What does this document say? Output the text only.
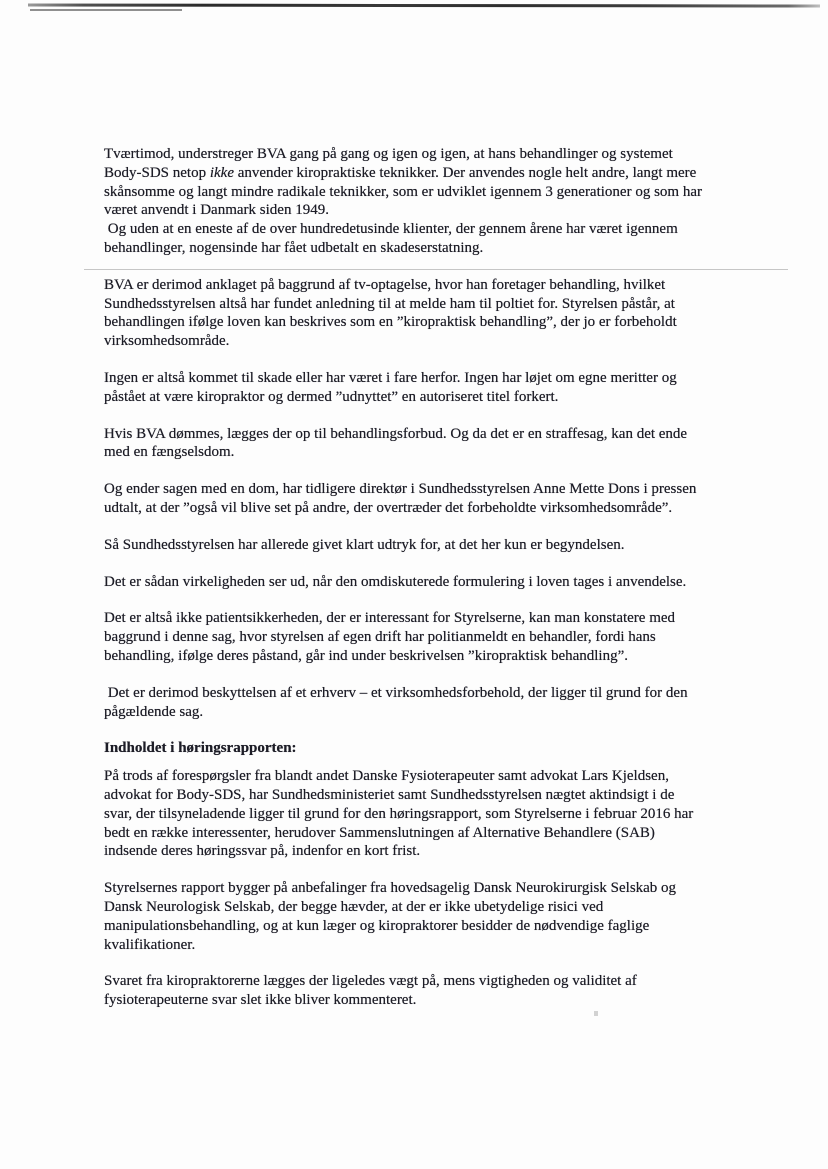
Tværtimod, understreger BVA gang på gang og igen og igen, at hans behandlinger og systemet
Body-SDS netop ikke anvender kiropraktiske teknikker. Der anvendes nogle helt andre, langt mere
skånsomme og langt mindre radikale teknikker, som er udviklet igennem 3 generationer og som har
været anvendt i Danmark siden 1949.
Og uden at en eneste af de over hundredetusinde klienter, der gennem årene har været igennem
behandlinger, nogensinde har fået udbetalt en skadeserstatning.
BVA er derimod anklaget på baggrund af tv-optagelse, hvor han foretager behandling, hvilket
Sundhedsstyrelsen altså har fundet anledning til at melde ham til poltiet for. Styrelsen påstår, at
behandlingen ifølge loven kan beskrives som en ”kiropraktisk behandling”, der jo er forbeholdt
virksomhedsområde.
Ingen er altså kommet til skade eller har været i fare herfor. Ingen har løjet om egne meritter og
påstået at være kiropraktor og dermed ”udnyttet” en autoriseret titel forkert.
Hvis BVA dømmes, lægges der op til behandlingsforbud. Og da det er en straffesag, kan det ende
med en fængselsdom.
Og ender sagen med en dom, har tidligere direktør i Sundhedsstyrelsen Anne Mette Dons i pressen
udtalt, at der ”også vil blive set på andre, der overtræder det forbeholdte virksomhedsområde”.
Så Sundhedsstyrelsen har allerede givet klart udtryk for, at det her kun er begyndelsen.
Det er sådan virkeligheden ser ud, når den omdiskuterede formulering i loven tages i anvendelse.
Det er altså ikke patientsikkerheden, der er interessant for Styrelserne, kan man konstatere med
baggrund i denne sag, hvor styrelsen af egen drift har politianmeldt en behandler, fordi hans
behandling, ifølge deres påstand, går ind under beskrivelsen ”kiropraktisk behandling”.
Det er derimod beskyttelsen af et erhverv – et virksomhedsforbehold, der ligger til grund for den
pågældende sag.
Indholdet i høringsrapporten:
På trods af forespørgsler fra blandt andet Danske Fysioterapeuter samt advokat Lars Kjeldsen,
advokat for Body-SDS, har Sundhedsministeriet samt Sundhedsstyrelsen nægtet aktindsigt i de
svar, der tilsyneladende ligger til grund for den høringsrapport, som Styrelserne i februar 2016 har
bedt en række interessenter, herudover Sammenslutningen af Alternative Behandlere (SAB)
indsende deres høringssvar på, indenfor en kort frist.
Styrelsernes rapport bygger på anbefalinger fra hovedsagelig Dansk Neurokirurgisk Selskab og
Dansk Neurologisk Selskab, der begge hævder, at der er ikke ubetydelige risici ved
manipulationsbehandling, og at kun læger og kiropraktorer besidder de nødvendige faglige
kvalifikationer.
Svaret fra kiropraktorerne lægges der ligeledes vægt på, mens vigtigheden og validitet af
fysioterapeuterne svar slet ikke bliver kommenteret.
